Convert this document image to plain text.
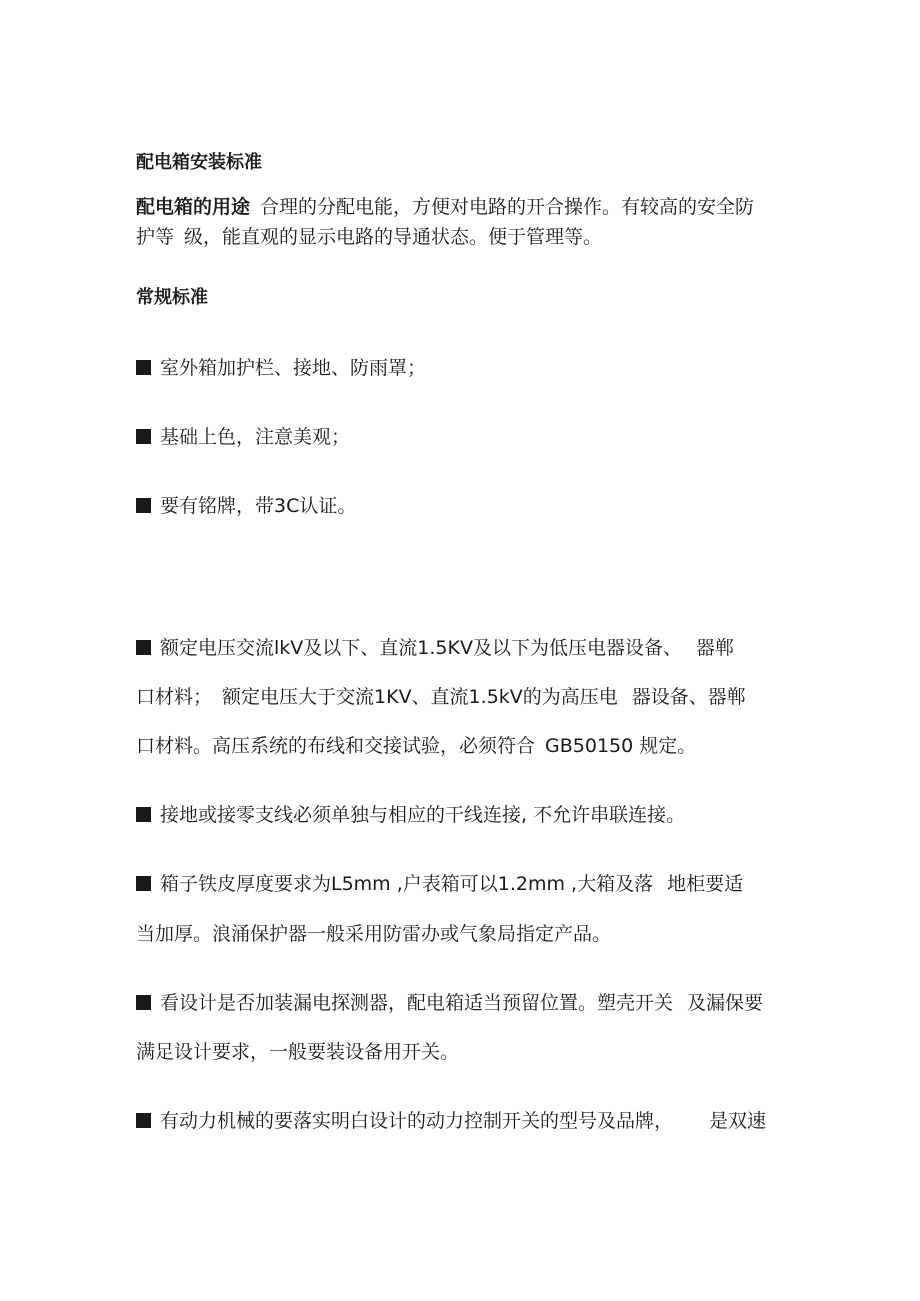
配电箱安装标准
配电箱的用途 合理的分配电能，方便对电路的开合操作。有较高的安全防
护等 级，能直观的显示电路的导通状态。便于管理等。
常规标准
室外箱加护栏、接地、防雨罩；
基础上色，注意美观；
要有铭牌，带3C认证。
额定电压交流lkV及以下、直流1.5KV及以下为低压电器设备、 器郸
口材料； 额定电压大于交流1KV、直流1.5kV的为高压电 器设备、器郸
口材料。高压系统的布线和交接试验，必须符合 GB50150 规定。
接地或接零支线必须单独与相应的干线连接, 不允许串联连接。
箱子铁皮厚度要求为L5mm ,户表箱可以1.2mm ,大箱及落 地柜要适
当加厚。浪涌保护器一般采用防雷办或气象局指定产品。
看设计是否加装漏电探测器，配电箱适当预留位置。塑壳开关 及漏保要
满足设计要求，一般要装设备用开关。
有动力机械的要落实明白设计的动力控制开关的型号及品牌， 是双速
